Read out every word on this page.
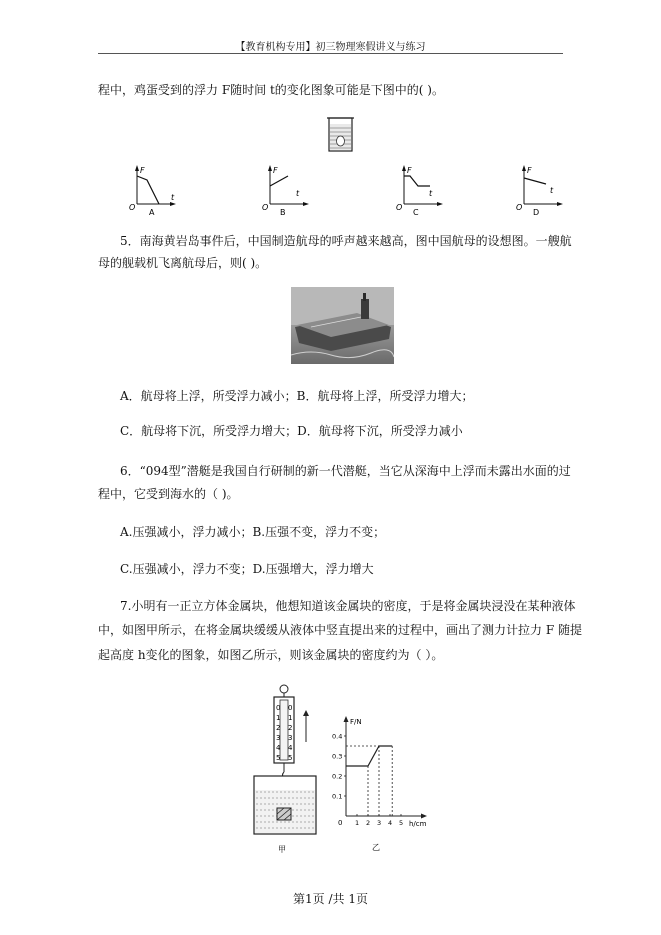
【教育机构专用】初三物理寒假讲义与练习
程中，鸡蛋受到的浮力 F随时间 t的变化图象可能是下图中的( )。
F
t
O
A
F
t
O
B
F
t
O
C
F
t
O
D
5．南海黄岩岛事件后，中国制造航母的呼声越来越高，图中国航母的设想图。一艘航
母的舰载机飞离航母后，则( )。
A．航母将上浮，所受浮力减小；B．航母将上浮，所受浮力增大；
C．航母将下沉，所受浮力增大；D．航母将下沉，所受浮力减小
6．“094型”潜艇是我国自行研制的新一代潜艇，当它从深海中上浮而未露出水面的过
程中，它受到海水的（ )。
A.压强减小，浮力减小；B.压强不变，浮力不变；
C.压强减小，浮力不变；D.压强增大，浮力增大
7.小明有一正立方体金属块，他想知道该金属块的密度，于是将金属块浸没在某种液体
中，如图甲所示，在将金属块缓缓从液体中竖直提出来的过程中，画出了测力计拉力 F 随提
起高度 h变化的图象，如图乙所示，则该金属块的密度约为（ ）。
0
1
2
3
4
5
0
1
2
3
4
5
甲
0.1
0.2
0.3
0.4
1 2 3 4 5
F/N
h/cm
0
乙
第1页 /共 1页
